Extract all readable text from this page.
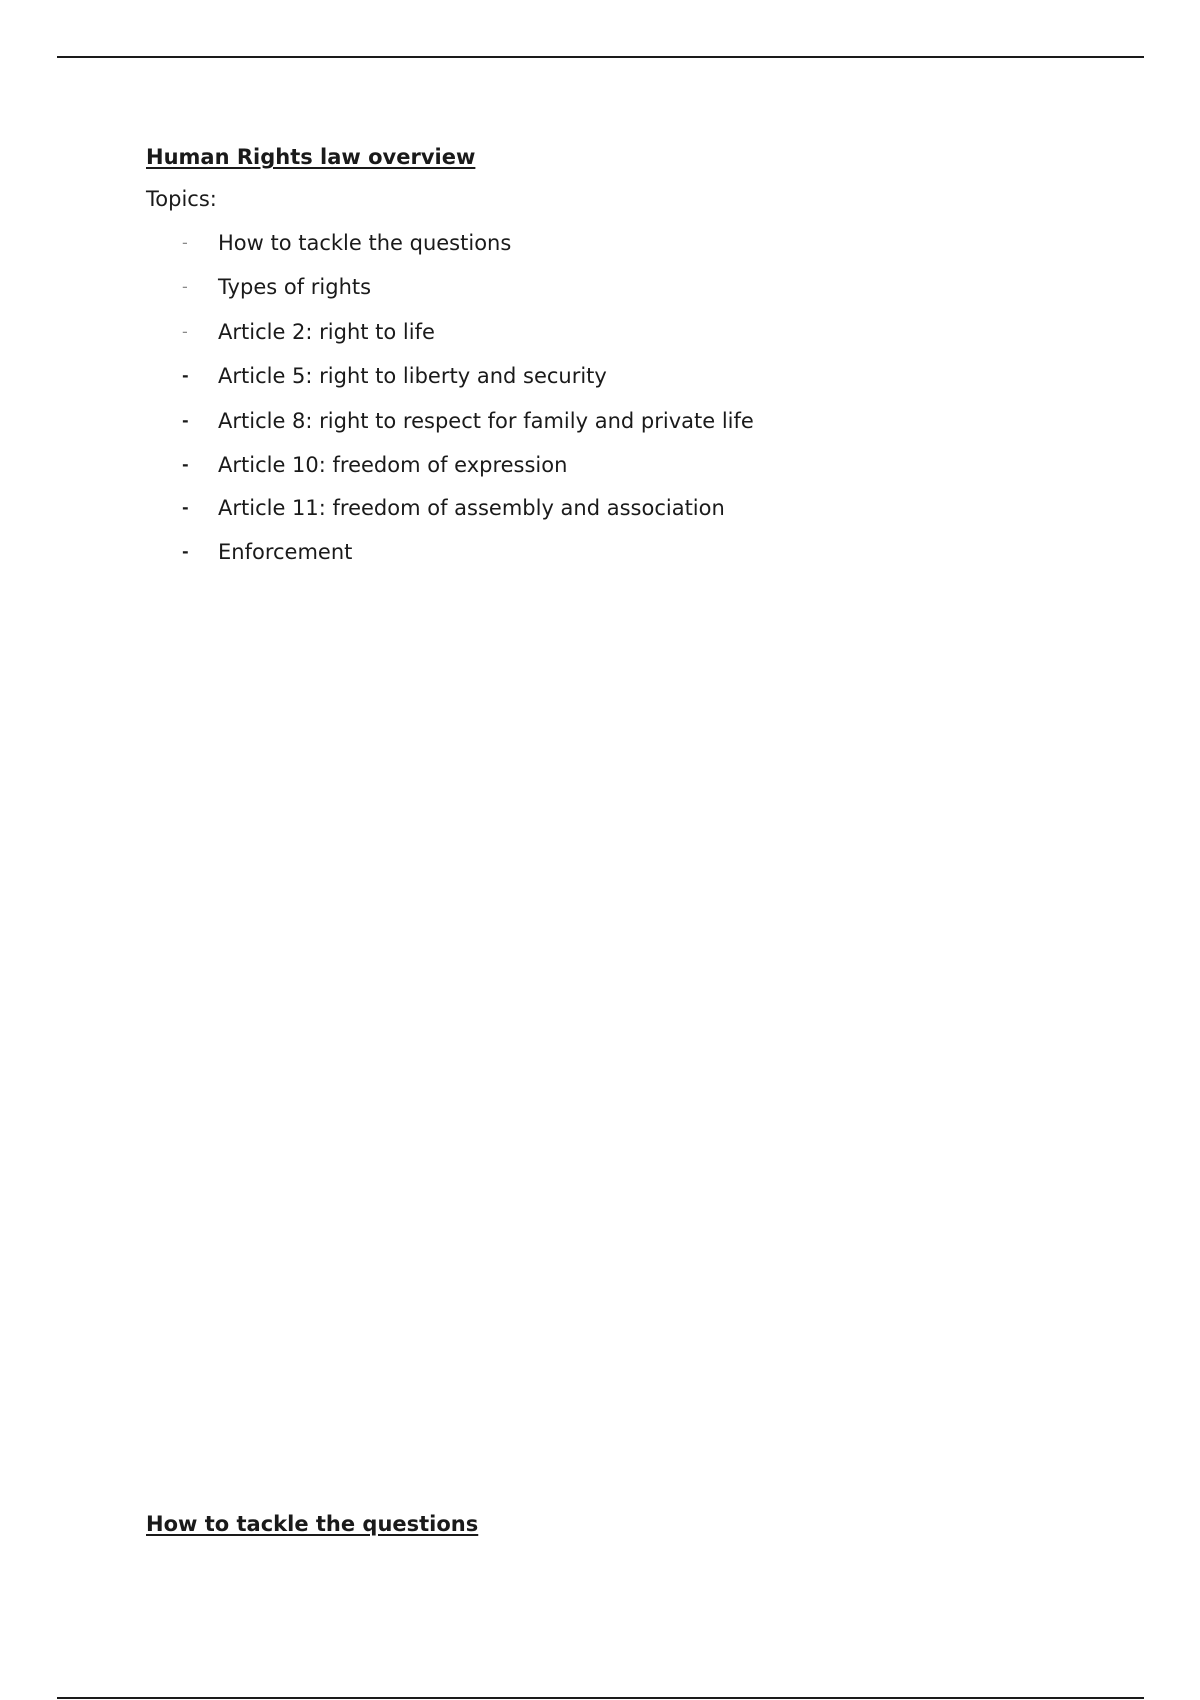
Human Rights law overview

Topics:

-	How to tackle the questions
-	Types of rights
-	Article 2: right to life
-	Article 5: right to liberty and security
-	Article 8: right to respect for family and private life
-	Article 10: freedom of expression
-	Article 11: freedom of assembly and association
-	Enforcement
How to tackle the questions
